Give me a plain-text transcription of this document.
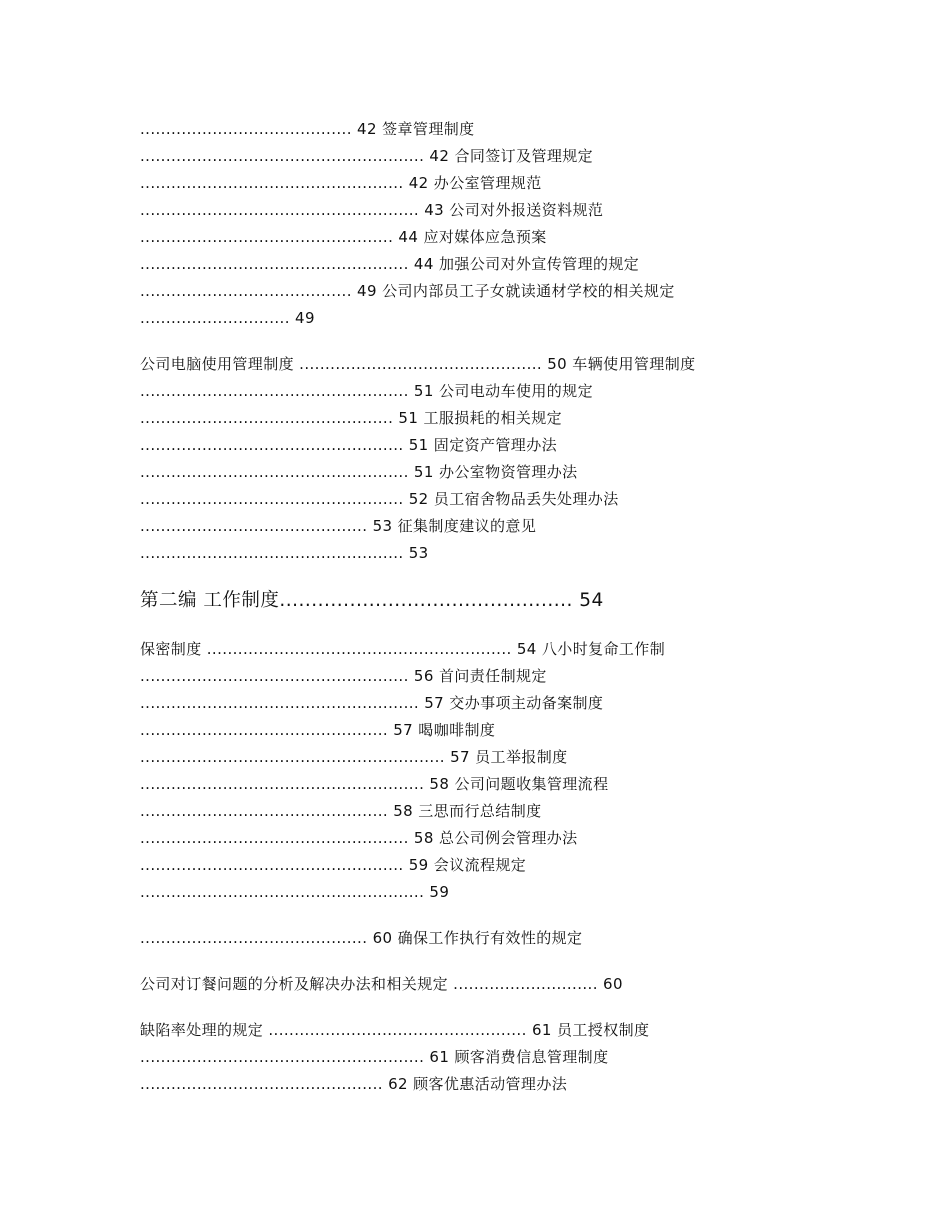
......................................... 42 签章管理制度
....................................................... 42 合同签订及管理规定
................................................... 42 办公室管理规范
...................................................... 43 公司对外报送资料规范
................................................. 44 应对媒体应急预案
.................................................... 44 加强公司对外宣传管理的规定
......................................... 49 公司内部员工子女就读通材学校的相关规定
............................. 49
公司电脑使用管理制度 ............................................... 50 车辆使用管理制度
.................................................... 51 公司电动车使用的规定
................................................. 51 工服损耗的相关规定
................................................... 51 固定资产管理办法
.................................................... 51 办公室物资管理办法
................................................... 52 员工宿舍物品丢失处理办法
............................................ 53 征集制度建议的意见
................................................... 53
第二编 工作制度.............................................. 54
保密制度 ........................................................... 54 八小时复命工作制
.................................................... 56 首问责任制规定
...................................................... 57 交办事项主动备案制度
................................................ 57 喝咖啡制度
........................................................... 57 员工举报制度
....................................................... 58 公司问题收集管理流程
................................................ 58 三思而行总结制度
.................................................... 58 总公司例会管理办法
................................................... 59 会议流程规定
....................................................... 59
............................................ 60 确保工作执行有效性的规定
公司对订餐问题的分析及解决办法和相关规定 ............................ 60
缺陷率处理的规定 .................................................. 61 员工授权制度
....................................................... 61 顾客消费信息管理制度
............................................... 62 顾客优惠活动管理办法
